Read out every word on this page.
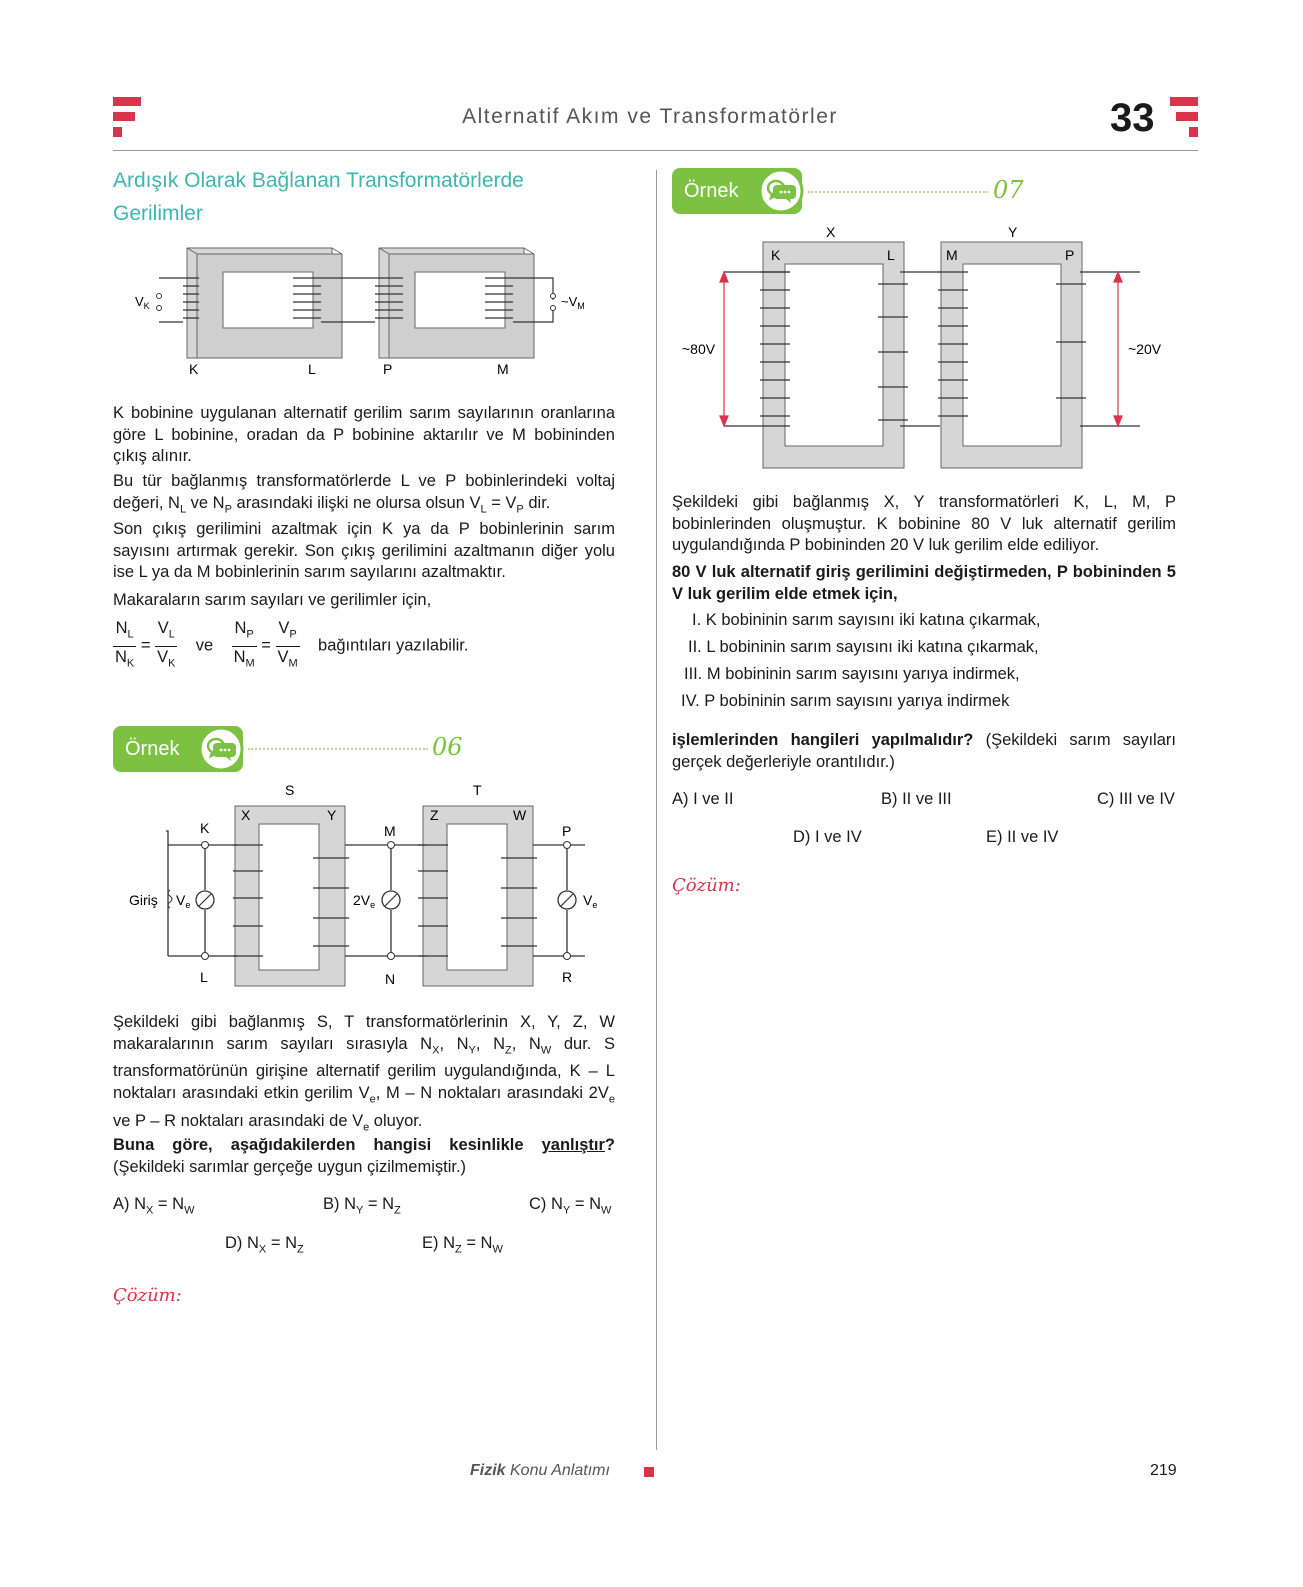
Alternatif Akım ve Transformatörler	33
Ardışık Olarak Bağlanan Transformatörlerde Gerilimler
$V_K$	$\sim V_M$
K	L	P	M
K bobinine uygulanan alternatif gerilim sarım sayılarının oranlarına göre L bobinine, oradan da P bobinine aktarılır ve M bobininden çıkış alınır.
Bu tür bağlanmış transformatörlerde L ve P bobinlerindeki voltaj değeri, $N_L$ ve $N_P$ arasındaki ilişki ne olursa olsun $V_L = V_P$ dir.
Son çıkış gerilimini azaltmak için K ya da P bobinlerinin sarım sayısını artırmak gerekir. Son çıkış gerilimini azaltmanın diğer yolu ise L ya da M bobinlerinin sarım sayılarını azaltmaktır.
Makaraların sarım sayıları ve gerilimler için,
$\frac{N_L}{N_K} = \frac{V_L}{V_K}$ ve $\frac{N_P}{N_M} = \frac{V_P}{V_M}$ bağıntıları yazılabilir.
Örnek	06
S	T
X	Y	Z	W
K
L
M
N
P
R
Giriş $V_e$	$2V_e$	$V_e$
Şekildeki gibi bağlanmış S, T transformatörlerinin X, Y, Z, W makaralarının sarım sayıları sırasıyla $N_X$, $N_Y$, $N_Z$, $N_W$ dur. S transformatörünün girişine alternatif gerilim uygulandığında, K – L noktaları arasındaki etkin gerilim $V_e$, M – N noktaları arasındaki $2V_e$ ve P – R noktaları arasındaki de $V_e$ oluyor.
Buna göre, aşağıdakilerden hangisi kesinlikle yanlıştır? (Şekildeki sarımlar gerçeğe uygun çizilmemiştir.)
A) $N_X = N_W$	B) $N_Y = N_Z$	C) $N_Y = N_W$
D) $N_X = N_Z$	E) $N_Z = N_W$
Çözüm:
Örnek	07
X	Y
K	L	M	P
~80V	~20V
Şekildeki gibi bağlanmış X, Y transformatörleri K, L, M, P bobinlerinden oluşmuştur. K bobinine 80 V luk alternatif gerilim uygulandığında P bobininden 20 V luk gerilim elde ediliyor.
80 V luk alternatif giriş gerilimini değiştirmeden, P bobininden 5 V luk gerilim elde etmek için,
I. K bobininin sarım sayısını iki katına çıkarmak,
II. L bobininin sarım sayısını iki katına çıkarmak,
III. M bobininin sarım sayısını yarıya indirmek,
IV. P bobininin sarım sayısını yarıya indirmek
işlemlerinden hangileri yapılmalıdır? (Şekildeki sarım sayıları gerçek değerleriyle orantılıdır.)
A) I ve II	B) II ve III	C) III ve IV
D) I ve IV	E) II ve IV
Çözüm:
Fizik Konu Anlatımı	219
